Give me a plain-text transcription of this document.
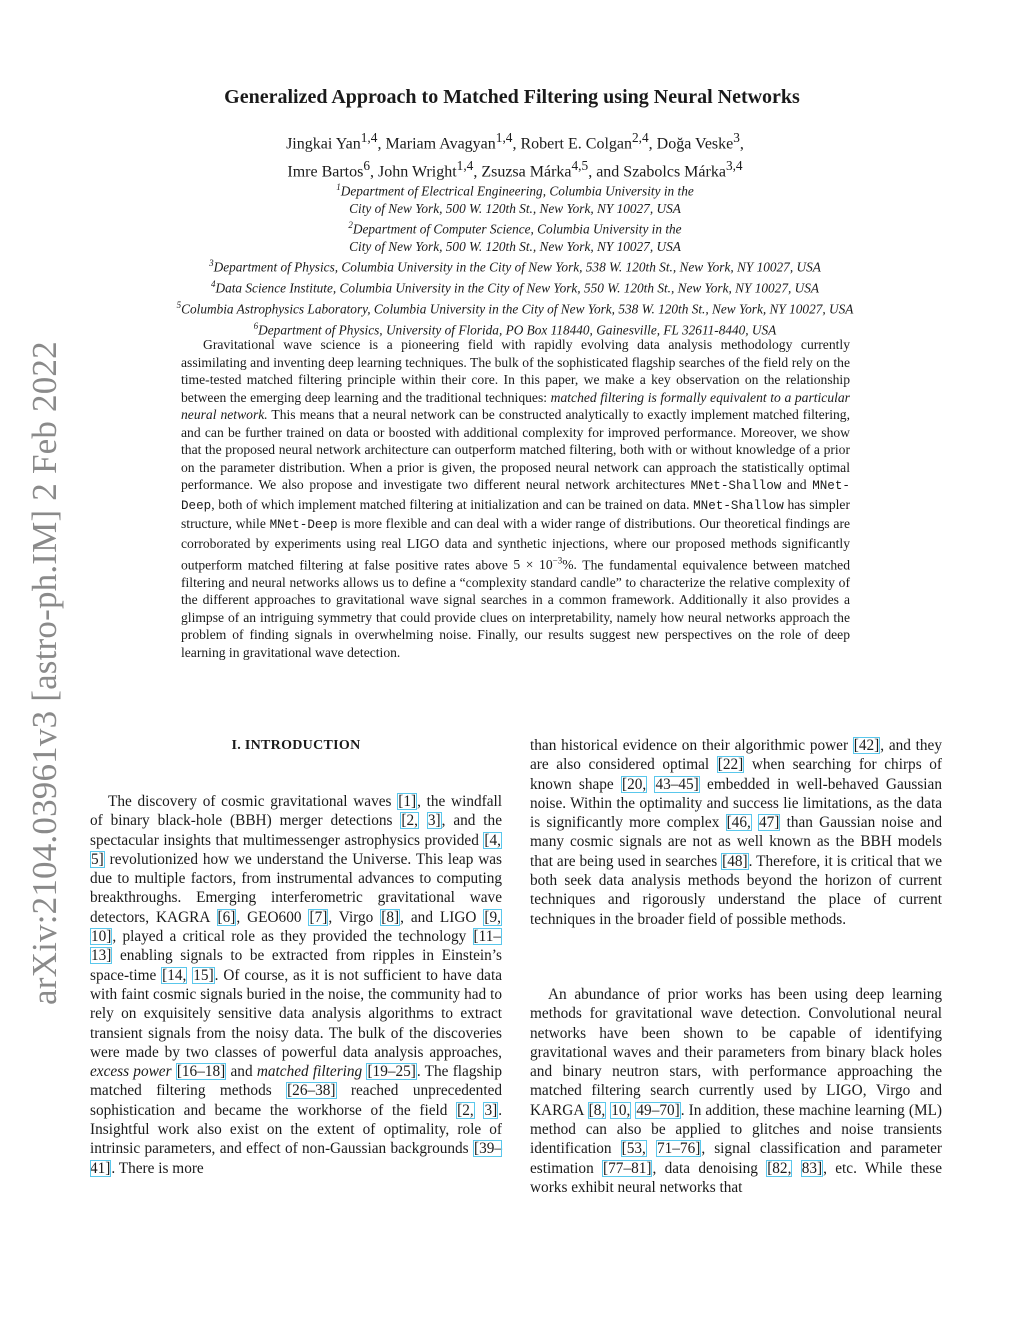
arXiv:2104.03961v3 [astro-ph.IM] 2 Feb 2022
Generalized Approach to Matched Filtering using Neural Networks
Jingkai Yan$^{1,4}$, Mariam Avagyan$^{1,4}$, Robert E. Colgan$^{2,4}$, Doğa Veske$^3$,
Imre Bartos$^6$, John Wright$^{1,4}$, Zsuzsa Márka$^{4,5}$, and Szabolcs Márka$^{3,4}$
$^1$Department of Electrical Engineering, Columbia University in the
City of New York, 500 W. 120th St., New York, NY 10027, USA
$^2$Department of Computer Science, Columbia University in the
City of New York, 500 W. 120th St., New York, NY 10027, USA
$^3$Department of Physics, Columbia University in the City of New York, 538 W. 120th St., New York, NY 10027, USA
$^4$Data Science Institute, Columbia University in the City of New York, 550 W. 120th St., New York, NY 10027, USA
$^5$Columbia Astrophysics Laboratory, Columbia University in the City of New York, 538 W. 120th St., New York, NY 10027, USA
$^6$Department of Physics, University of Florida, PO Box 118440, Gainesville, FL 32611-8440, USA
Gravitational wave science is a pioneering field with rapidly evolving data analysis methodology currently assimilating and inventing deep learning techniques. The bulk of the sophisticated flagship searches of the field rely on the time-tested matched filtering principle within their core. In this paper, we make a key observation on the relationship between the emerging deep learning and the traditional techniques: matched filtering is formally equivalent to a particular neural network. This means that a neural network can be constructed analytically to exactly implement matched filtering, and can be further trained on data or boosted with additional complexity for improved performance. Moreover, we show that the proposed neural network architecture can outperform matched filtering, both with or without knowledge of a prior on the parameter distribution. When a prior is given, the proposed neural network can approach the statistically optimal performance. We also propose and investigate two different neural network architectures MNet-Shallow and MNet-Deep, both of which implement matched filtering at initialization and can be trained on data. MNet-Shallow has simpler structure, while MNet-Deep is more flexible and can deal with a wider range of distributions. Our theoretical findings are corroborated by experiments using real LIGO data and synthetic injections, where our proposed methods significantly outperform matched filtering at false positive rates above $5 \times 10^{-3}\%$. The fundamental equivalence between matched filtering and neural networks allows us to define a “complexity standard candle” to characterize the relative complexity of the different approaches to gravitational wave signal searches in a common framework. Additionally it also provides a glimpse of an intriguing symmetry that could provide clues on interpretability, namely how neural networks approach the problem of finding signals in overwhelming noise. Finally, our results suggest new perspectives on the role of deep learning in gravitational wave detection.
I. INTRODUCTION
The discovery of cosmic gravitational waves [1], the windfall of binary black-hole (BBH) merger detections [2, 3], and the spectacular insights that multimessenger astrophysics provided [4, 5] revolutionized how we understand the Universe. This leap was due to multiple factors, from instrumental advances to computing breakthroughs. Emerging interferometric gravitational wave detectors, KAGRA [6], GEO600 [7], Virgo [8], and LIGO [9, 10], played a critical role as they provided the technology [11– 13] enabling signals to be extracted from ripples in Einstein’s space-time [14, 15]. Of course, as it is not sufficient to have data with faint cosmic signals buried in the noise, the community had to rely on exquisitely sensitive data analysis algorithms to extract transient signals from the noisy data. The bulk of the discoveries were made by two classes of powerful data analysis approaches, excess power [16–18] and matched filtering [19–25]. The flagship matched filtering methods [26–38] reached unprecedented sophistication and became the workhorse of the field [2, 3]. Insightful work also exist on the extent of optimality, role of intrinsic parameters, and effect of non-Gaussian backgrounds [39–41]. There is more
than historical evidence on their algorithmic power [42], and they are also considered optimal [22] when searching for chirps of known shape [20, 43–45] embedded in well-behaved Gaussian noise. Within the optimality and success lie limitations, as the data is significantly more complex [46, 47] than Gaussian noise and many cosmic signals are not as well known as the BBH models that are being used in searches [48]. Therefore, it is critical that we both seek data analysis methods beyond the horizon of current techniques and rigorously understand the place of current techniques in the broader field of possible methods.
An abundance of prior works has been using deep learning methods for gravitational wave detection. Convolutional neural networks have been shown to be capable of identifying gravitational waves and their parameters from binary black holes and binary neutron stars, with performance approaching the matched filtering search currently used by LIGO, Virgo and KARGA [8, 10, 49–70]. In addition, these machine learning (ML) method can also be applied to glitches and noise transients identification [53, 71–76], signal classification and parameter estimation [77–81], data denoising [82, 83], etc. While these works exhibit neural networks that
